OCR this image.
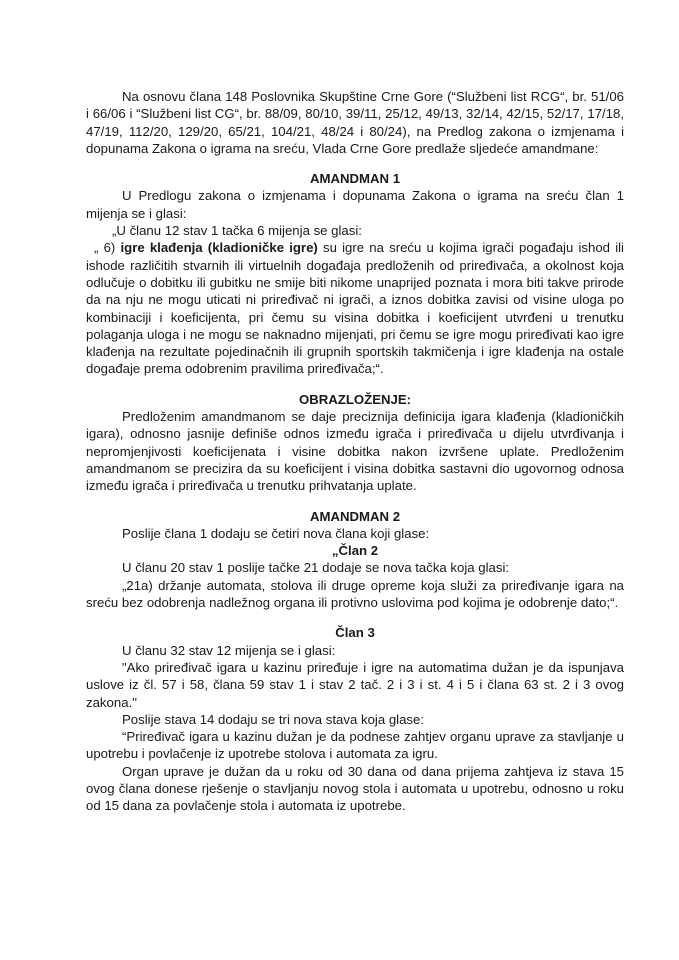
Na osnovu člana 148 Poslovnika Skupštine Crne Gore (“Službeni list RCG“, br. 51/06 i 66/06 i “Službeni list CG“, br. 88/09, 80/10, 39/11, 25/12, 49/13, 32/14, 42/15, 52/17, 17/18, 47/19, 112/20, 129/20, 65/21, 104/21, 48/24 i 80/24), na Predlog zakona o izmjenama i dopunama Zakona o igrama na sreću, Vlada Crne Gore predlaže sljedeće amandmane:

AMANDMAN 1

U Predlogu zakona o izmjenama i dopunama Zakona o igrama na sreću član 1 mijenja se i glasi:

„U članu 12 stav 1 tačka 6 mijenja se glasi:

„ 6) igre klađenja (kladioničke igre) su igre na sreću u kojima igrači pogađaju ishod ili ishode različitih stvarnih ili virtuelnih događaja predloženih od priređivača, a okolnost koja odlučuje o dobitku ili gubitku ne smije biti nikome unaprijed poznata i mora biti takve prirode da na nju ne mogu uticati ni priređivač ni igrači, a iznos dobitka zavisi od visine uloga po kombinaciji i koeficijenta, pri čemu su visina dobitka i koeficijent utvrđeni u trenutku polaganja uloga i ne mogu se naknadno mijenjati, pri čemu se igre mogu priređivati kao igre klađenja na rezultate pojedinačnih ili grupnih sportskih takmičenja i igre klađenja na ostale događaje prema odobrenim pravilima priređivača;“.

OBRAZLOŽENJE:

Predloženim amandmanom se daje preciznija definicija igara klađenja (kladioničkih igara), odnosno jasnije definiše odnos između igrača i priređivača u dijelu utvrđivanja i nepromjenjivosti koeficijenata i visine dobitka nakon izvršene uplate. Predloženim amandmanom se precizira da su koeficijent i visina dobitka sastavni dio ugovornog odnosa između igrača i priređivača u trenutku prihvatanja uplate.

AMANDMAN 2

Poslije člana 1 dodaju se četiri nova člana koji glase:

„Član 2

U članu 20 stav 1 poslije tačke 21 dodaje se nova tačka koja glasi:

„21a) držanje automata, stolova ili druge opreme koja služi za priređivanje igara na sreću bez odobrenja nadležnog organa ili protivno uslovima pod kojima je odobrenje dato;“.

Član 3

U članu 32 stav 12 mijenja se i glasi:

"Ako priređivač igara u kazinu priređuje i igre na automatima dužan je da ispunjava uslove iz čl. 57 i 58, člana 59 stav 1 i stav 2 tač. 2 i 3 i st. 4 i 5 i člana 63 st. 2 i 3 ovog zakona."

Poslije stava 14 dodaju se tri nova stava koja glase:

“Priređivač igara u kazinu dužan je da podnese zahtjev organu uprave za stavljanje u upotrebu i povlačenje iz upotrebe stolova i automata za igru.

Organ uprave je dužan da u roku od 30 dana od dana prijema zahtjeva iz stava 15 ovog člana donese rješenje o stavljanju novog stola i automata u upotrebu, odnosno u roku od 15 dana za povlačenje stola i automata iz upotrebe.
